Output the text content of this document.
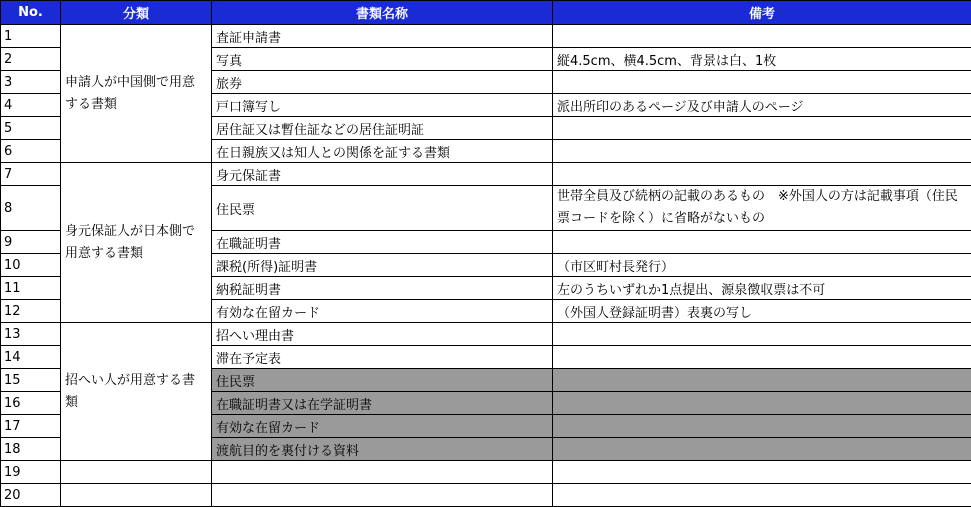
No.	分類	書類名称	備考
1	申請人が中国側で用意する書類	査証申請書	
2		写真	縦4.5cm、横4.5cm、背景は白、1枚
3		旅券	
4		戸口簿写し	派出所印のあるページ及び申請人のページ
5		居住証又は暫住証などの居住証明証	
6		在日親族又は知人との関係を証する書類	
7	身元保証人が日本側で用意する書類	身元保証書	
8		住民票	世帯全員及び続柄の記載のあるもの　※外国人の方は記載事項（住民票コードを除く）に省略がないもの
9		在職証明書	
10		課税(所得)証明書	（市区町村長発行）
11		納税証明書	左のうちいずれか1点提出、源泉徴収票は不可
12		有効な在留カード	（外国人登録証明書）表裏の写し
13	招へい人が用意する書類	招へい理由書	
14		滞在予定表	
15		住民票	
16		在職証明書又は在学証明書	
17		有効な在留カード	
18		渡航目的を裏付ける資料	
19			
20			
